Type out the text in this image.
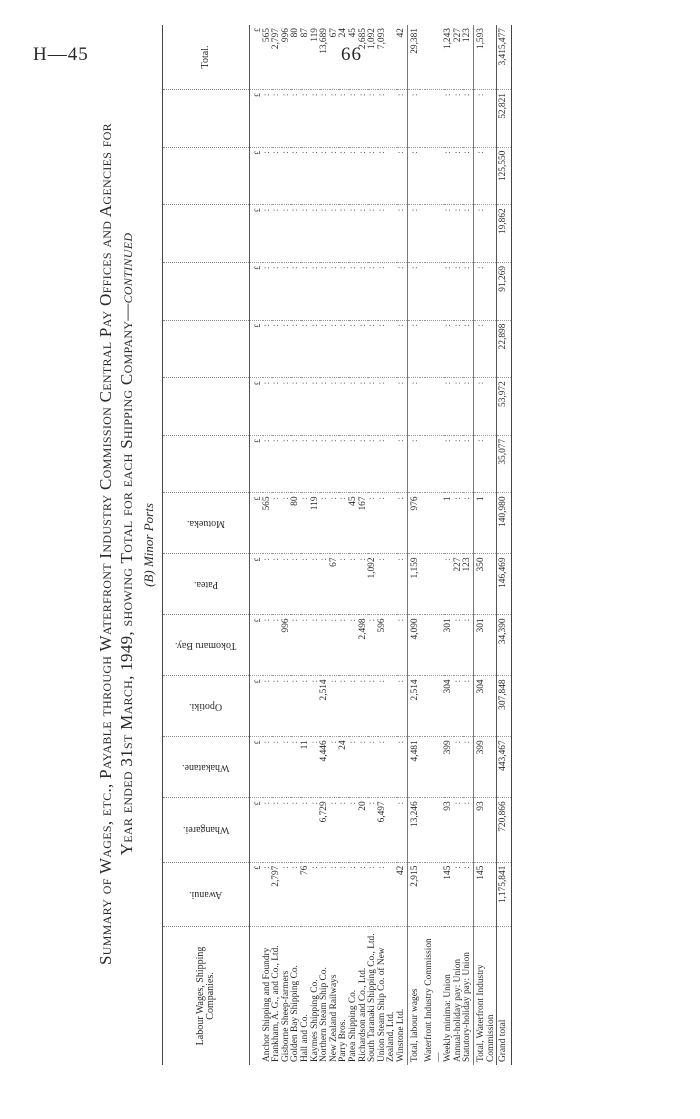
H—45	66
Summary of Wages, etc., Payable through Waterfront Industry Commission Central Pay Offices and Agencies for Year ended 31st March, 1949, showing Total for each Shipping Company—continued
(B) Minor Ports
Labour Wages, Shipping Companies.	Awanui.	Whangarei.	Whakatane.	Opotiki.	Tokomaru Bay.	Patea.	Motueka.								Total.
	£	£	£	£	£	£	£	£	£	£	£	£	£	£	£
Anchor Shipping and Foundry	:	:	:	:	:	:	565	:	:	:	:	:	:	:	565
Frankham, A. G., and Co., Ltd.	2,797	:	:	:	:	:	:	:	:	:	:	:	:	:	2,797
Gisborne Sheep-farmers	:	:	:	:	996	:	:	:	:	:	:	:	:	:	996
Golden Bay Shipping Co.	:	:	:	:	:	:	80	:	:	:	:	:	:	:	80
Hall and Co.	76	:	11	:	:	:	:	:	:	:	:	:	:	:	87
Kaymes Shipping Co.	:	:	:	:	:	:	119	:	:	:	:	:	:	:	119
Northern Steam Ship Co.	:	6,729	4,446	2,514	:	:	:	:	:	:	:	:	:	:	13,689
New Zealand Railways	:	:	:	:	:	67	:	:	:	:	:	:	:	:	67
Parry Bros.	:	:	24	:	:	:	:	:	:	:	:	:	:	:	24
Patea Shipping Co.	:	:	:	:	:	:	45	:	:	:	:	:	:	:	45
Richardson and Co., Ltd.	:	20	:	:	2,498	:	167	:	:	:	:	:	:	:	2,685
South Taranaki Shipping Co., Ltd.	:	:	:	:	:	1,092	:	:	:	:	:	:	:	:	1,092
Union Steam Ship Co. of New Zealand, Ltd.	:	6,497	:	:	596	:	:	:	:	:	:	:	:	:	7,093
Winstone Ltd.	42	:	:	:	:	:	:	:	:	:	:	:	:	:	42
Total, labour wages	2,915	13,246	4,481	2,514	4,090	1,159	976	:	:	:	:	:	:	:	29,381

Waterfront Industry Commission—															
Weekly minima: Union	145	93	399	304	301	:	1	:	:	:	:	:	:	:	1,243
Annual-holiday pay: Union	:	:	:	:	:	227	:	:	:	:	:	:	:	:	227
Statutory-holiday pay: Union	:	:	:	:	:	123	:	:	:	:	:	:	:	:	123
Total, Waterfront Industry Commission	145	93	399	304	301	350	1	:	:	:	:	:	:	:	1,593
Grand total	1,175,841	720,866	443,467	307,848	34,390	146,469	140,980	35,077	53,972	22,898	91,269	19,862	125,550	52,821	3,415,477
